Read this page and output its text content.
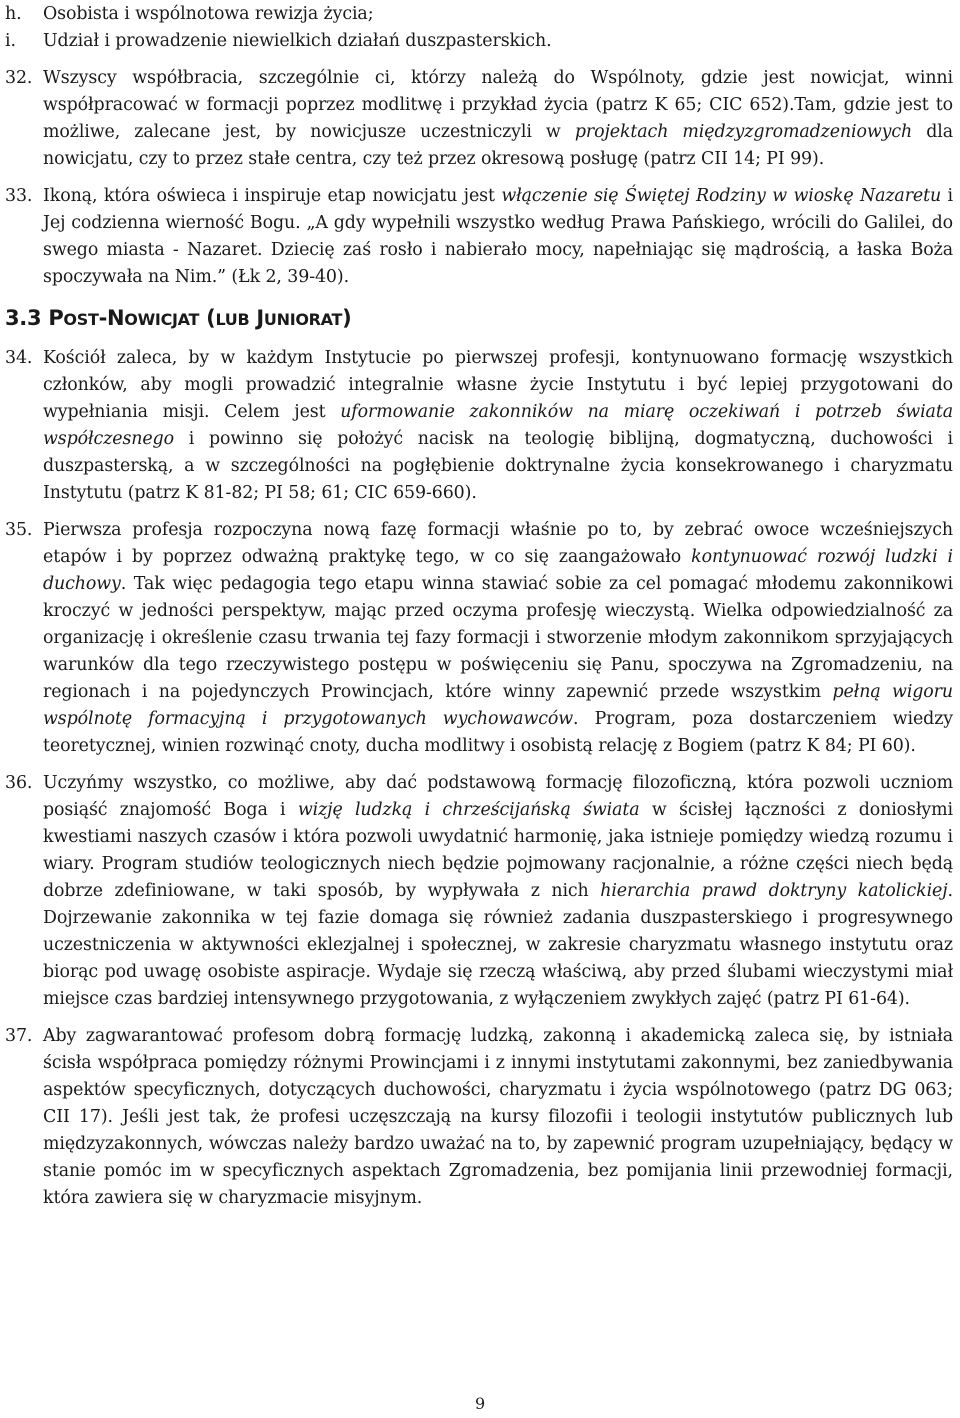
h.	Osobista i wspólnotowa rewizja życia;
i.	Udział i prowadzenie niewielkich działań duszpasterskich.
32. Wszyscy współbracia, szczególnie ci, którzy należą do Wspólnoty, gdzie jest nowicjat, winni współpracować w formacji poprzez modlitwę i przykład życia (patrz K 65; CIC 652).Tam, gdzie jest to możliwe, zalecane jest, by nowicjusze uczestniczyli w projektach międzyzgromadzeniowych dla nowicjatu, czy to przez stałe centra, czy też przez okresową posługę (patrz CII 14; PI 99).
33. Ikoną, która oświeca i inspiruje etap nowicjatu jest włączenie się Świętej Rodziny w wioskę Nazaretu i Jej codzienna wierność Bogu. „A gdy wypełnili wszystko według Prawa Pańskiego, wrócili do Galilei, do swego miasta - Nazaret. Dziecię zaś rosło i nabierało mocy, napełniając się mądrością, a łaska Boża spoczywała na Nim.” (Łk 2, 39-40).
3.3 POST-NOWICJAT (LUB JUNIORAT)
34. Kościół zaleca, by w każdym Instytucie po pierwszej profesji, kontynuowano formację wszystkich członków, aby mogli prowadzić integralnie własne życie Instytutu i być lepiej przygotowani do wypełniania misji. Celem jest uformowanie zakonników na miarę oczekiwań i potrzeb świata współczesnego i powinno się położyć nacisk na teologię biblijną, dogmatyczną, duchowości i duszpasterską, a w szczególności na pogłębienie doktrynalne życia konsekrowanego i charyzmatu Instytutu (patrz K 81-82; PI 58; 61; CIC 659-660).
35. Pierwsza profesja rozpoczyna nową fazę formacji właśnie po to, by zebrać owoce wcześniejszych etapów i by poprzez odważną praktykę tego, w co się zaangażowało kontynuować rozwój ludzki i duchowy. Tak więc pedagogia tego etapu winna stawiać sobie za cel pomagać młodemu zakonnikowi kroczyć w jedności perspektyw, mając przed oczyma profesję wieczystą. Wielka odpowiedzialność za organizację i określenie czasu trwania tej fazy formacji i stworzenie młodym zakonnikom sprzyjających warunków dla tego rzeczywistego postępu w poświęceniu się Panu, spoczywa na Zgromadzeniu, na regionach i na pojedynczych Prowincjach, które winny zapewnić przede wszystkim pełną wigoru wspólnotę formacyjną i przygotowanych wychowawców. Program, poza dostarczeniem wiedzy teoretycznej, winien rozwinąć cnoty, ducha modlitwy i osobistą relację z Bogiem (patrz K 84; PI 60).
36. Uczyńmy wszystko, co możliwe, aby dać podstawową formację filozoficzną, która pozwoli uczniom posiąść znajomość Boga i wizję ludzką i chrześcijańską świata w ścisłej łączności z doniosłymi kwestiami naszych czasów i która pozwoli uwydatnić harmonię, jaka istnieje pomiędzy wiedzą rozumu i wiary. Program studiów teologicznych niech będzie pojmowany racjonalnie, a różne części niech będą dobrze zdefiniowane, w taki sposób, by wypływała z nich hierarchia prawd doktryny katolickiej. Dojrzewanie zakonnika w tej fazie domaga się również zadania duszpasterskiego i progresywnego uczestniczenia w aktywności eklezjalnej i społecznej, w zakresie charyzmatu własnego instytutu oraz biorąc pod uwagę osobiste aspiracje. Wydaje się rzeczą właściwą, aby przed ślubami wieczystymi miał miejsce czas bardziej intensywnego przygotowania, z wyłączeniem zwykłych zajęć (patrz PI 61-64).
37. Aby zagwarantować profesom dobrą formację ludzką, zakonną i akademicką zaleca się, by istniała ścisła współpraca pomiędzy różnymi Prowincjami i z innymi instytutami zakonnymi, bez zaniedbywania aspektów specyficznych, dotyczących duchowości, charyzmatu i życia wspólnotowego (patrz DG 063; CII 17). Jeśli jest tak, że profesi uczęszczają na kursy filozofii i teologii instytutów publicznych lub międzyzakonnych, wówczas należy bardzo uważać na to, by zapewnić program uzupełniający, będący w stanie pomóc im w specyficznych aspektach Zgromadzenia, bez pomijania linii przewodniej formacji, która zawiera się w charyzmacie misyjnym.
9
